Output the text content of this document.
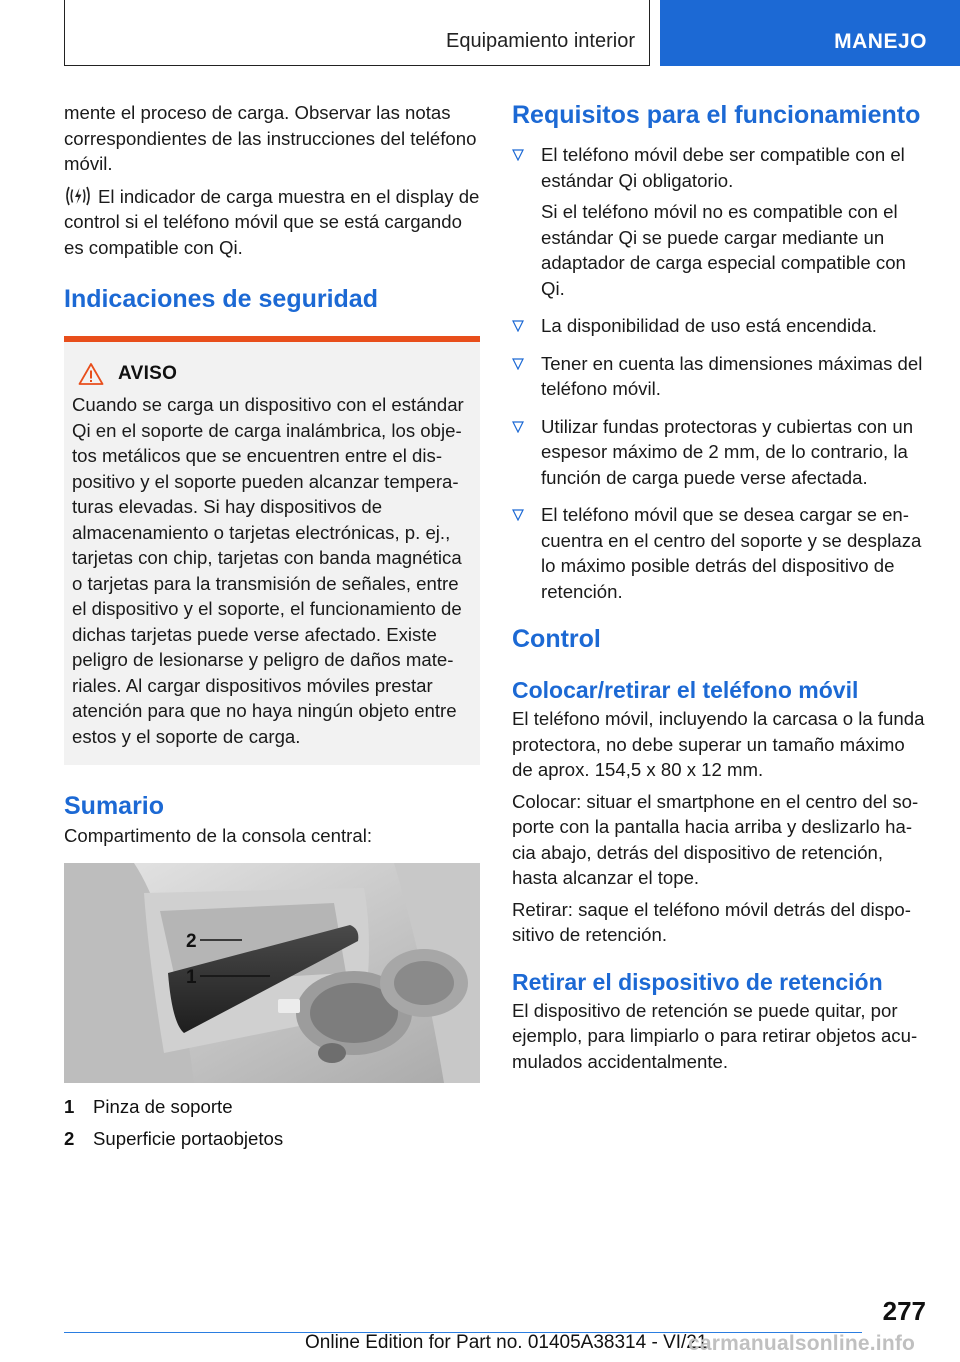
Equipamiento interior	MANEJO

mente el proceso de carga. Observar las notas correspondientes de las instrucciones del teléfono móvil.

El indicador de carga muestra en el display de control si el teléfono móvil que se está cargando es compatible con Qi.

Indicaciones de seguridad
AVISO

Cuando se carga un dispositivo con el estándar Qi en el soporte de carga inalámbrica, los objetos metálicos que se encuentren entre el dispositivo y el soporte pueden alcanzar temperaturas elevadas. Si hay dispositivos de almacenamiento o tarjetas electrónicas, p. ej., tarjetas con chip, tarjetas con banda magnética o tarjetas para la transmisión de señales, entre el dispositivo y el soporte, el funcionamiento de dichas tarjetas puede verse afectado. Existe peligro de lesionarse y peligro de daños materiales. Al cargar dispositivos móviles prestar atención para que no haya ningún objeto entre estos y el soporte de carga.

Sumario

Compartimento de la consola central:

2
1
1	Pinza de soporte
2	Superficie portaobjetos
Requisitos para el funcionamiento

El teléfono móvil debe ser compatible con el estándar Qi obligatorio.

Si el teléfono móvil no es compatible con el estándar Qi se puede cargar mediante un adaptador de carga especial compatible con Qi.

La disponibilidad de uso está encendida.

Tener en cuenta las dimensiones máximas del teléfono móvil.

Utilizar fundas protectoras y cubiertas con un espesor máximo de 2 mm, de lo contrario, la función de carga puede verse afectada.

El teléfono móvil que se desea cargar se encuentra en el centro del soporte y se desplaza lo máximo posible detrás del dispositivo de retención.

Control
Colocar/retirar el teléfono móvil

El teléfono móvil, incluyendo la carcasa o la funda protectora, no debe superar un tamaño máximo de aprox. 154,5 x 80 x 12 mm.

Colocar: situar el smartphone en el centro del soporte con la pantalla hacia arriba y deslizarlo hacia abajo, detrás del dispositivo de retención, hasta alcanzar el tope.

Retirar: saque el teléfono móvil detrás del dispositivo de retención.

Retirar el dispositivo de retención

El dispositivo de retención se puede quitar, por ejemplo, para limpiarlo o para retirar objetos acumulados accidentalmente.

277
Online Edition for Part no. 01405A38314 - VI/21
carmanualsonline.info
